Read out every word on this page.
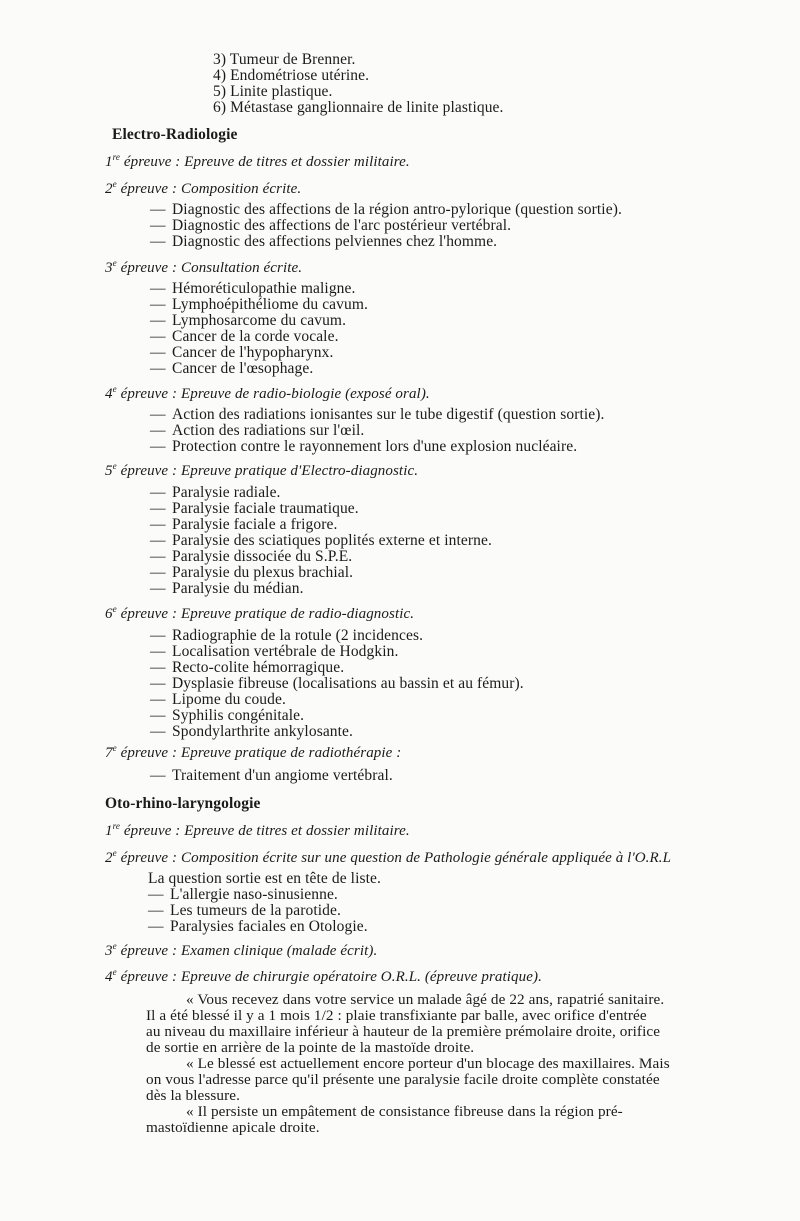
3) Tumeur de Brenner.
4) Endométriose utérine.
5) Linite plastique.
6) Métastase ganglionnaire de linite plastique.
Electro-Radiologie
1re épreuve : Epreuve de titres et dossier militaire.
2e épreuve : Composition écrite.
— Diagnostic des affections de la région antro-pylorique (question sortie).
— Diagnostic des affections de l'arc postérieur vertébral.
— Diagnostic des affections pelviennes chez l'homme.
3e épreuve : Consultation écrite.
— Hémoréticulopathie maligne.
— Lymphoépithéliome du cavum.
— Lymphosarcome du cavum.
— Cancer de la corde vocale.
— Cancer de l'hypopharynx.
— Cancer de l'œsophage.
4e épreuve : Epreuve de radio-biologie (exposé oral).
— Action des radiations ionisantes sur le tube digestif (question sortie).
— Action des radiations sur l'œil.
— Protection contre le rayonnement lors d'une explosion nucléaire.
5e épreuve : Epreuve pratique d'Electro-diagnostic.
— Paralysie radiale.
— Paralysie faciale traumatique.
— Paralysie faciale a frigore.
— Paralysie des sciatiques poplités externe et interne.
— Paralysie dissociée du S.P.E.
— Paralysie du plexus brachial.
— Paralysie du médian.
6e épreuve : Epreuve pratique de radio-diagnostic.
— Radiographie de la rotule (2 incidences.
— Localisation vertébrale de Hodgkin.
— Recto-colite hémorragique.
— Dysplasie fibreuse (localisations au bassin et au fémur).
— Lipome du coude.
— Syphilis congénitale.
— Spondylarthrite ankylosante.
7e épreuve : Epreuve pratique de radiothérapie :
— Traitement d'un angiome vertébral.
Oto-rhino-laryngologie
1re épreuve : Epreuve de titres et dossier militaire.
2e épreuve : Composition écrite sur une question de Pathologie générale appliquée à l'O.R.L
La question sortie est en tête de liste.
— L'allergie naso-sinusienne.
— Les tumeurs de la parotide.
— Paralysies faciales en Otologie.
3e épreuve : Examen clinique (malade écrit).
4e épreuve : Epreuve de chirurgie opératoire O.R.L. (épreuve pratique).
« Vous recevez dans votre service un malade âgé de 22 ans, rapatrié sanitaire.
Il a été blessé il y a 1 mois 1/2 : plaie transfixiante par balle, avec orifice d'entrée
au niveau du maxillaire inférieur à hauteur de la première prémolaire droite, orifice
de sortie en arrière de la pointe de la mastoïde droite.
« Le blessé est actuellement encore porteur d'un blocage des maxillaires. Mais
on vous l'adresse parce qu'il présente une paralysie facile droite complète constatée
dès la blessure.
« Il persiste un empâtement de consistance fibreuse dans la région pré-
mastoïdienne apicale droite.
